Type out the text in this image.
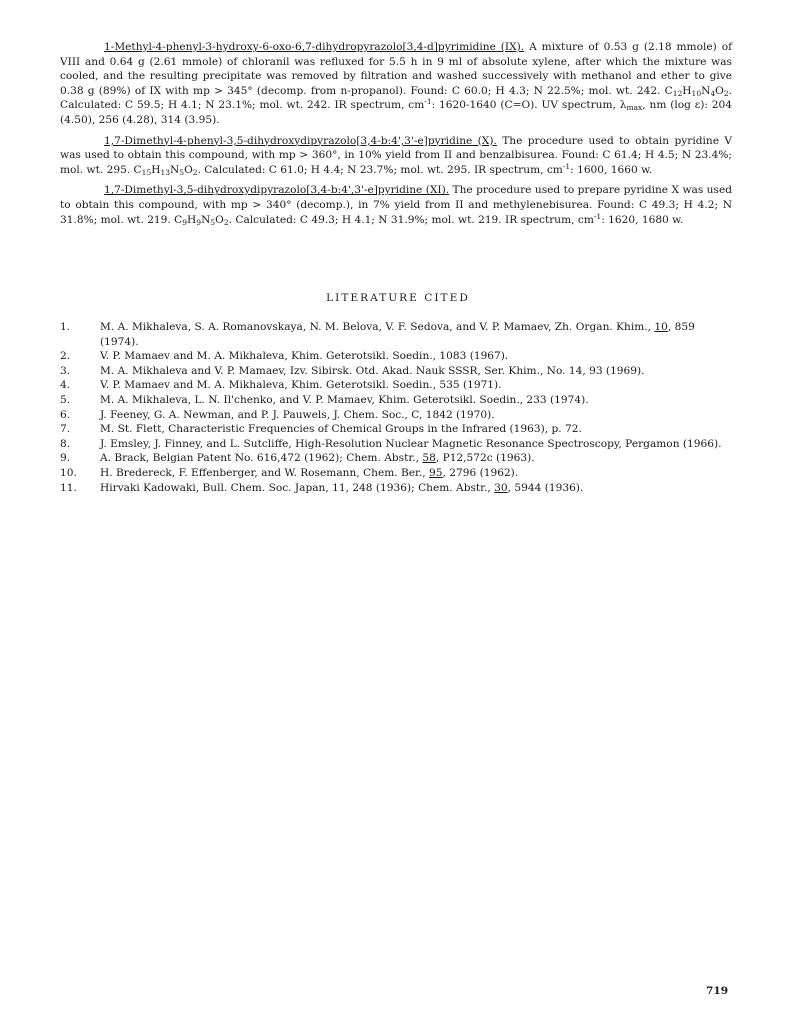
1-Methyl-4-phenyl-3-hydroxy-6-oxo-6,7-dihydropyrazolo[3,4-d]pyrimidine (IX). A mixture of 0.53 g (2.18 mmole) of VIII and 0.64 g (2.61 mmole) of chloranil was refluxed for 5.5 h in 9 ml of absolute xylene, after which the mixture was cooled, and the resulting precipitate was removed by filtration and washed successively with methanol and ether to give 0.38 g (89%) of IX with mp > 345° (decomp. from n-propanol). Found: C 60.0; H 4.3; N 22.5%; mol. wt. 242. $C_{12}H_{10}N_4O_2$. Calculated: C 59.5; H 4.1; N 23.1%; mol. wt. 242. IR spectrum, $cm^{-1}$: 1620-1640 (C=O). UV spectrum, $\lambda_{max}$, nm (log ε): 204 (4.50), 256 (4.28), 314 (3.95).

1,7-Dimethyl-4-phenyl-3,5-dihydroxydipyrazolo[3,4-b:4',3'-e]pyridine (X). The procedure used to obtain pyridine V was used to obtain this compound, with mp > 360°, in 10% yield from II and benzalbisurea. Found: C 61.4; H 4.5; N 23.4%; mol. wt. 295. $C_{15}H_{13}N_5O_2$. Calculated: C 61.0; H 4.4; N 23.7%; mol. wt. 295. IR spectrum, $cm^{-1}$: 1600, 1660 w.

1,7-Dimethyl-3,5-dihydroxydipyrazolo[3,4-b:4',3'-e]pyridine (XI). The procedure used to prepare pyridine X was used to obtain this compound, with mp > 340° (decomp.), in 7% yield from II and methylenebisurea. Found: C 49.3; H 4.2; N 31.8%; mol. wt. 219. $C_9H_9N_5O_2$. Calculated: C 49.3; H 4.1; N 31.9%; mol. wt. 219. IR spectrum, $cm^{-1}$: 1620, 1680 w.

LITERATURE CITED
1.	M. A. Mikhaleva, S. A. Romanovskaya, N. M. Belova, V. F. Sedova, and V. P. Mamaev, Zh. Organ. Khim., 10, 859 (1974).
2.	V. P. Mamaev and M. A. Mikhaleva, Khim. Geterotsikl. Soedin., 1083 (1967).
3.	M. A. Mikhaleva and V. P. Mamaev, Izv. Sibirsk. Otd. Akad. Nauk SSSR, Ser. Khim., No. 14, 93 (1969).
4.	V. P. Mamaev and M. A. Mikhaleva, Khim. Geterotsikl. Soedin., 535 (1971).
5.	M. A. Mikhaleva, L. N. Il'chenko, and V. P. Mamaev, Khim. Geterotsikl. Soedin., 233 (1974).
6.	J. Feeney, G. A. Newman, and P. J. Pauwels, J. Chem. Soc., C, 1842 (1970).
7.	M. St. Flett, Characteristic Frequencies of Chemical Groups in the Infrared (1963), p. 72.
8.	J. Emsley, J. Finney, and L. Sutcliffe, High-Resolution Nuclear Magnetic Resonance Spectroscopy, Pergamon (1966).
9.	A. Brack, Belgian Patent No. 616,472 (1962); Chem. Abstr., 58, P12,572c (1963).
10.	H. Bredereck, F. Effenberger, and W. Rosemann, Chem. Ber., 95, 2796 (1962).
11.	Hirvaki Kadowaki, Bull. Chem. Soc. Japan, 11, 248 (1936); Chem. Abstr., 30, 5944 (1936).
719
